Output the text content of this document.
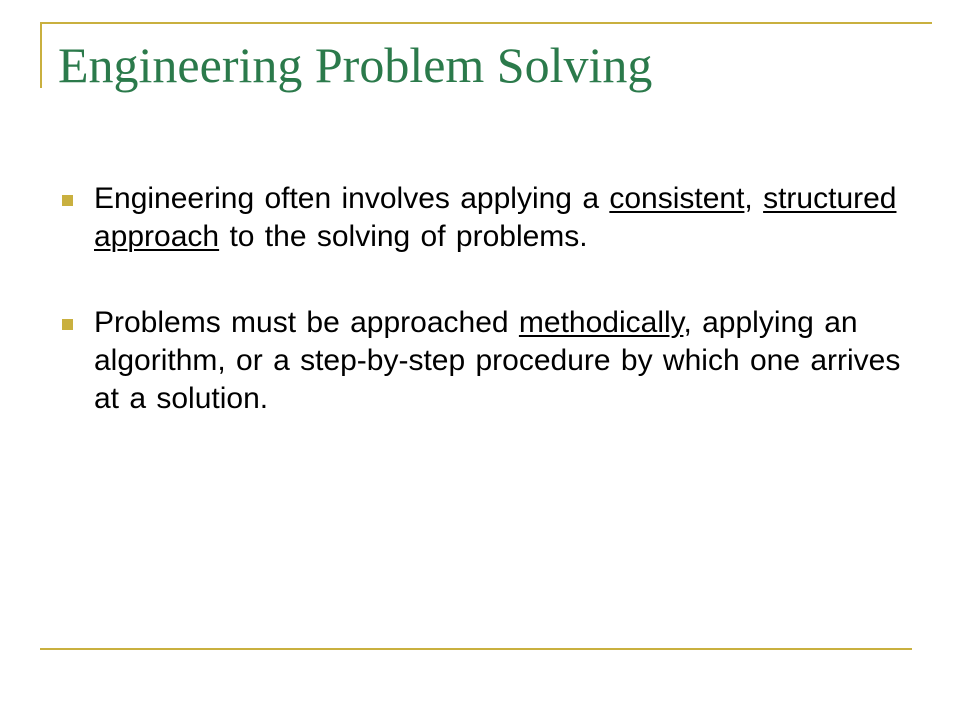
Engineering Problem Solving
Engineering often involves applying a consistent, structured approach to the solving of problems.
Problems must be approached methodically, applying an algorithm, or a step-by-step procedure by which one arrives at a solution.
